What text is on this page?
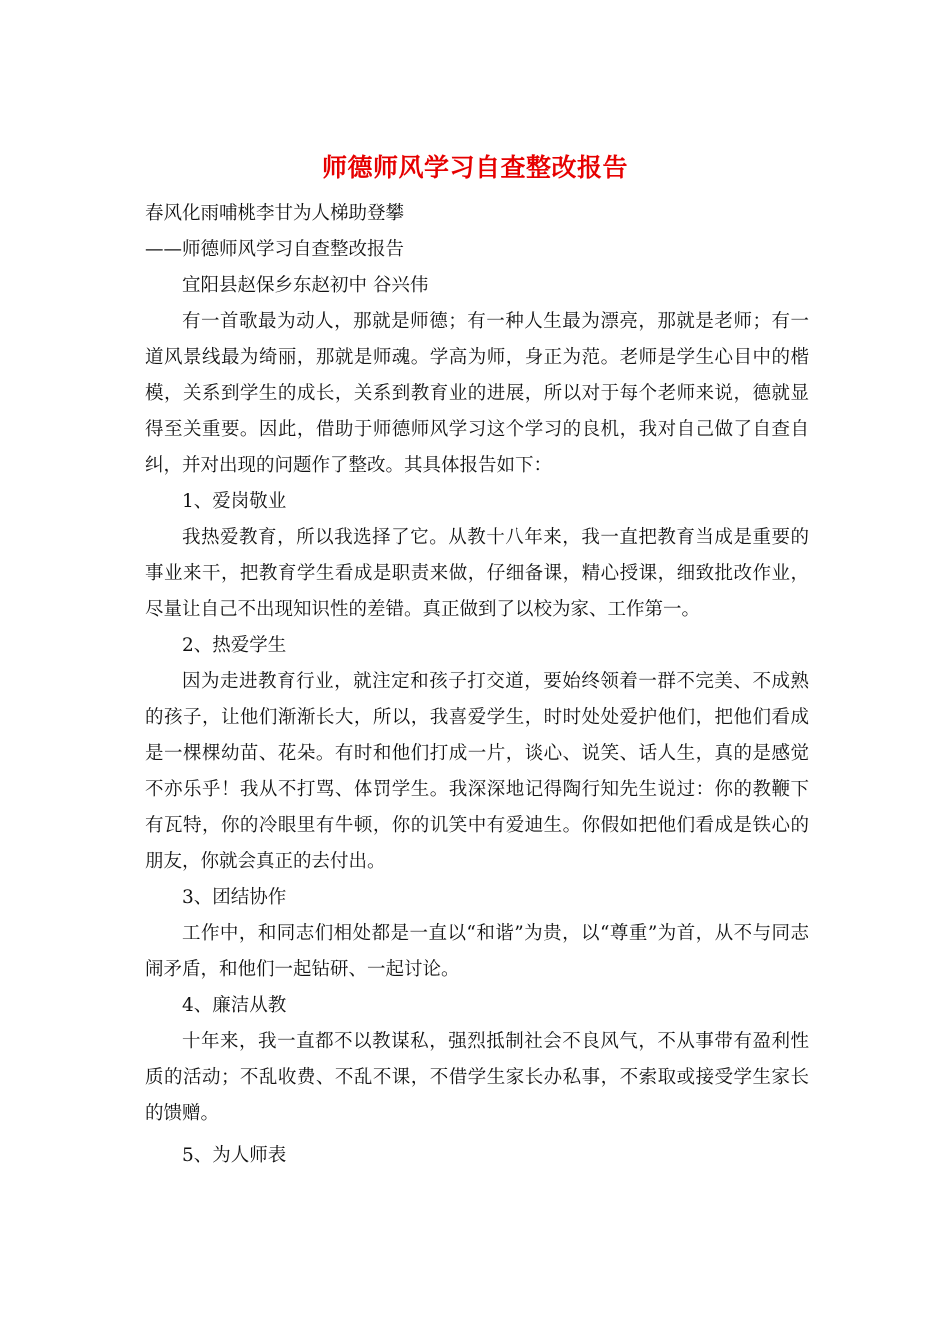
师德师风学习自查整改报告

春风化雨哺桃李甘为人梯助登攀

——师德师风学习自查整改报告

宜阳县赵保乡东赵初中 谷兴伟

有一首歌最为动人，那就是师德；有一种人生最为漂亮，那就是老师；有一道风景线最为绮丽，那就是师魂。学高为师，身正为范。老师是学生心目中的楷模，关系到学生的成长，关系到教育业的进展，所以对于每个老师来说，德就显得至关重要。因此，借助于师德师风学习这个学习的良机，我对自己做了自查自纠，并对出现的问题作了整改。其具体报告如下：

1、爱岗敬业

我热爱教育，所以我选择了它。从教十八年来，我一直把教育当成是重要的事业来干，把教育学生看成是职责来做，仔细备课，精心授课，细致批改作业，尽量让自己不出现知识性的差错。真正做到了以校为家、工作第一。

2、热爱学生

因为走进教育行业，就注定和孩子打交道，要始终领着一群不完美、不成熟的孩子，让他们渐渐长大，所以，我喜爱学生，时时处处爱护他们，把他们看成是一棵棵幼苗、花朵。有时和他们打成一片，谈心、说笑、话人生，真的是感觉不亦乐乎！我从不打骂、体罚学生。我深深地记得陶行知先生说过：你的教鞭下有瓦特，你的冷眼里有牛顿，你的讥笑中有爱迪生。你假如把他们看成是铁心的朋友，你就会真正的去付出。

3、团结协作

工作中，和同志们相处都是一直以“和谐”为贵，以“尊重”为首，从不与同志闹矛盾，和他们一起钻研、一起讨论。

4、廉洁从教

十年来，我一直都不以教谋私，强烈抵制社会不良风气，不从事带有盈利性质的活动；不乱收费、不乱不课，不借学生家长办私事，不索取或接受学生家长的馈赠。

5、为人师表
